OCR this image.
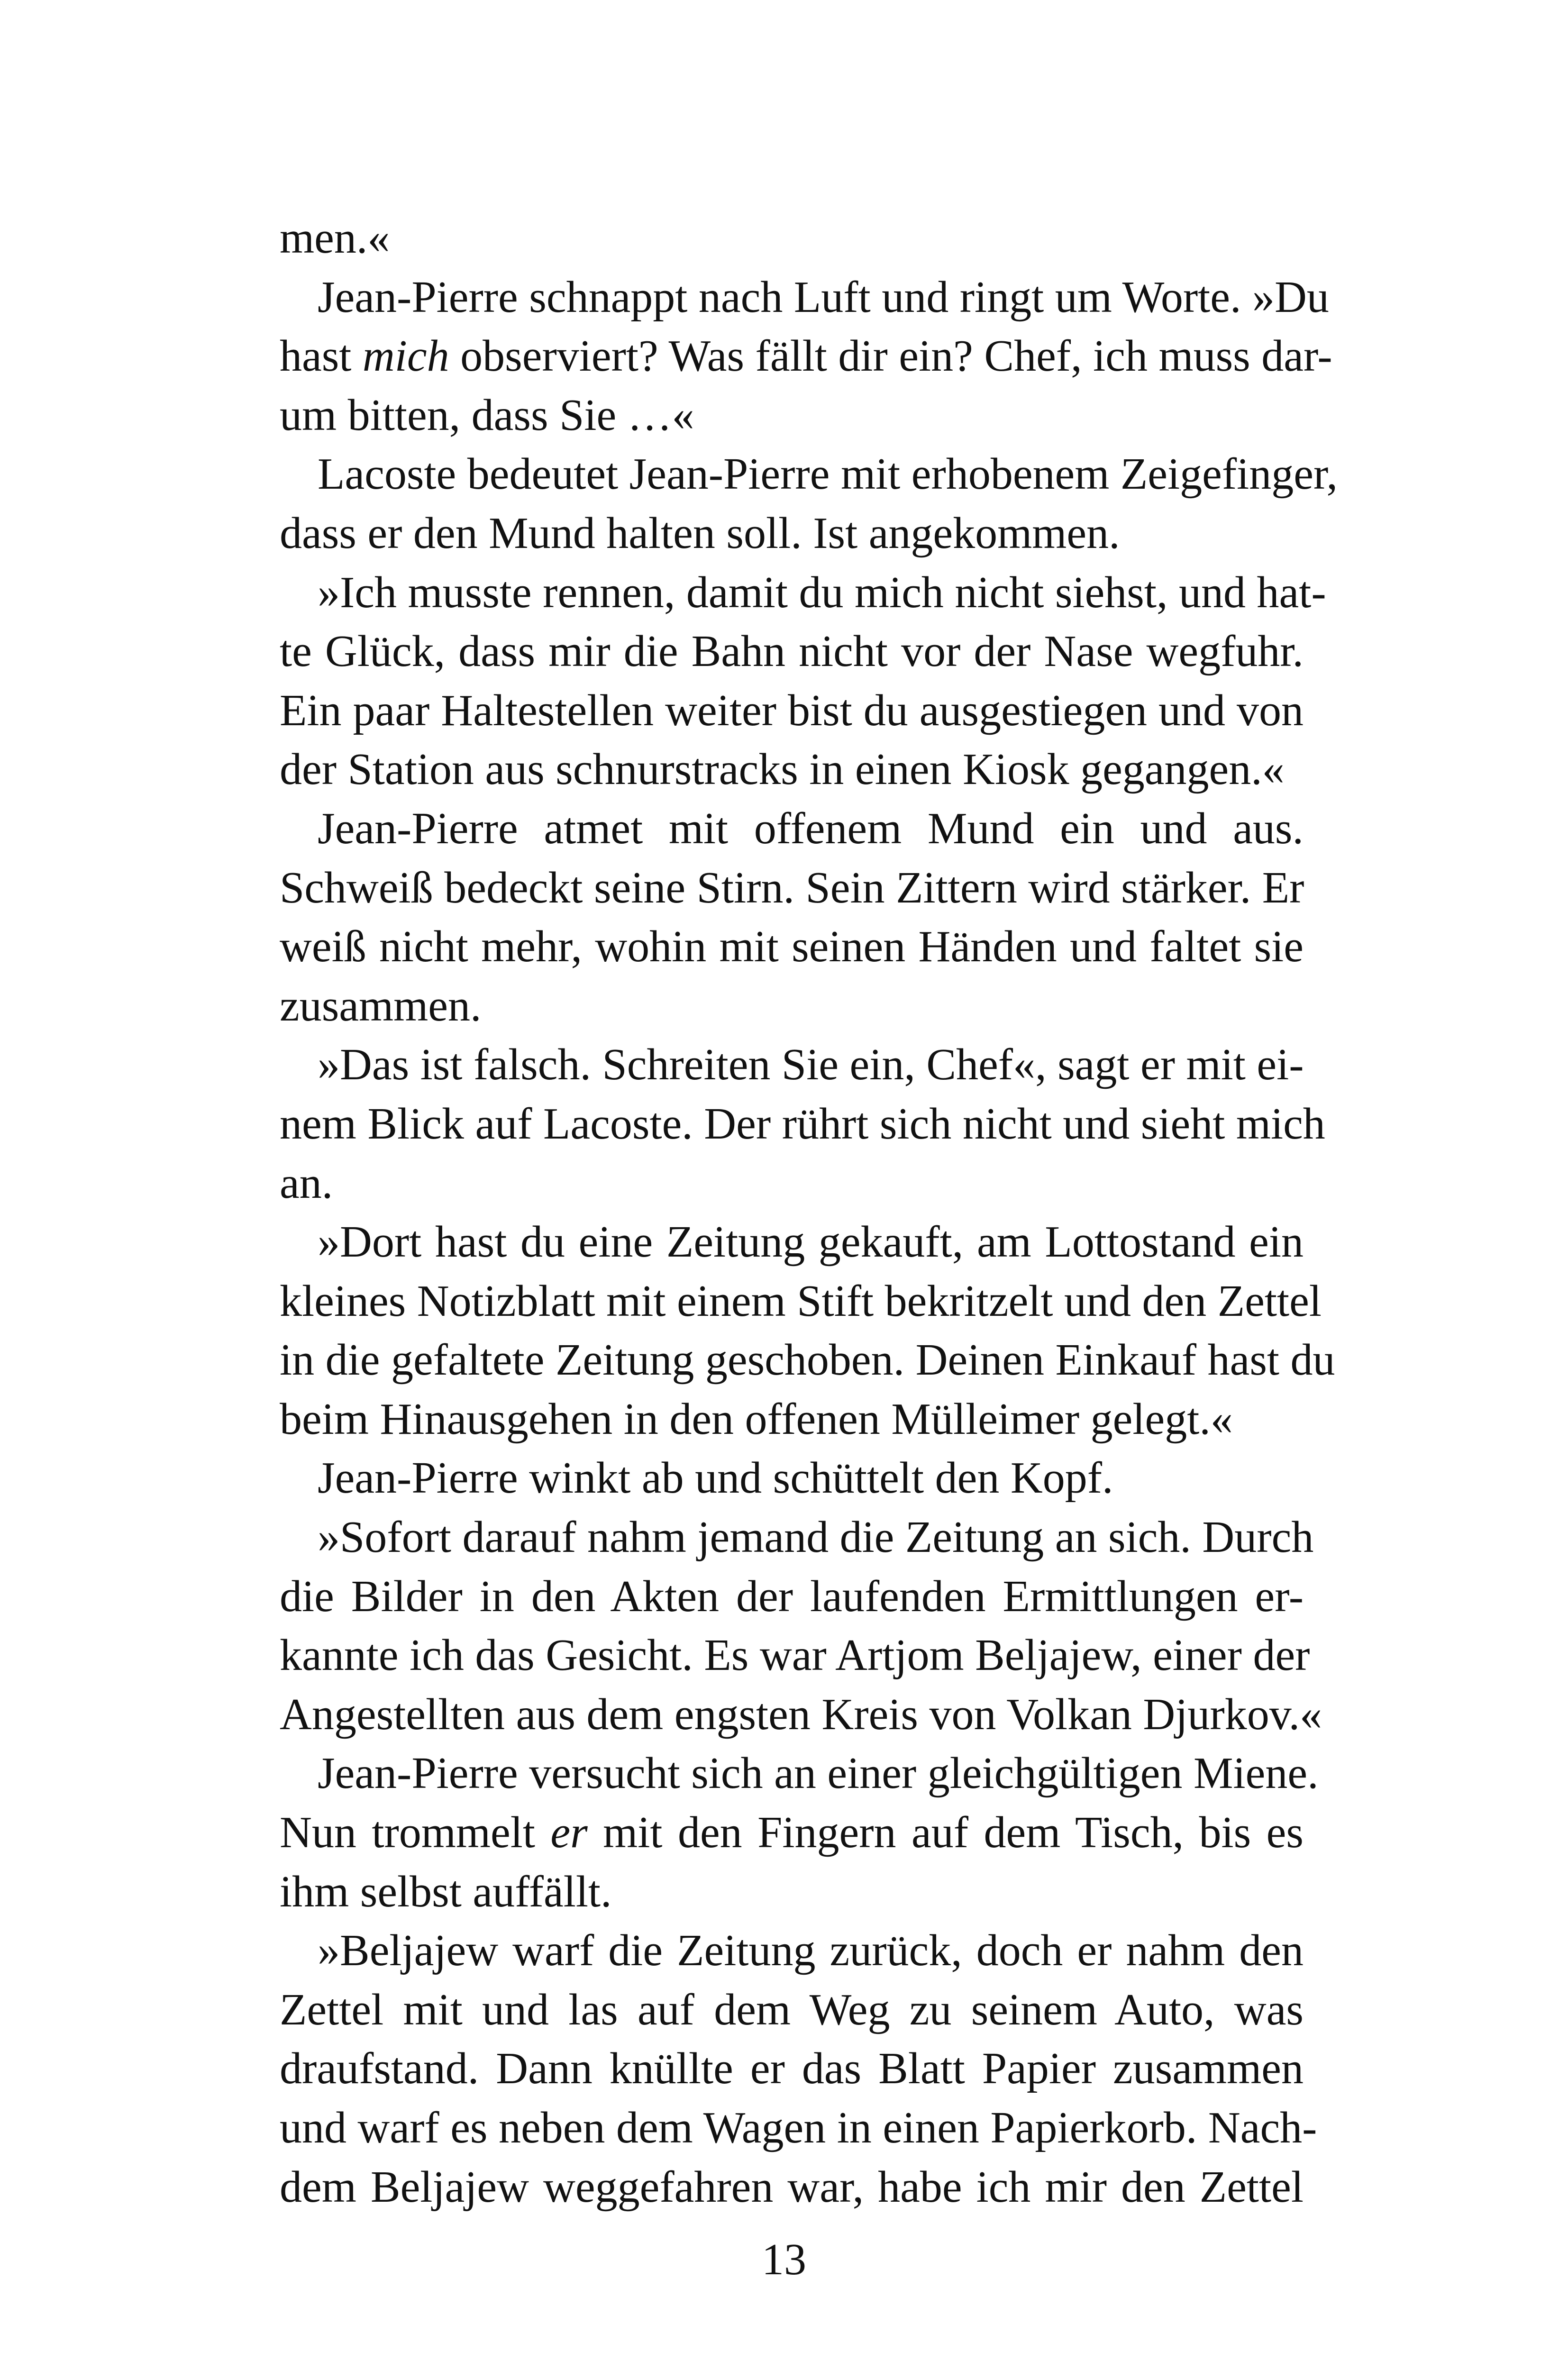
men.«
Jean-Pierre schnappt nach Luft und ringt um Worte. »Du
hast mich observiert? Was fällt dir ein? Chef, ich muss dar-
um bitten, dass Sie …«
Lacoste bedeutet Jean-Pierre mit erhobenem Zeigefinger,
dass er den Mund halten soll. Ist angekommen.
»Ich musste rennen, damit du mich nicht siehst, und hat-
te Glück, dass mir die Bahn nicht vor der Nase wegfuhr.
Ein paar Haltestellen weiter bist du ausgestiegen und von
der Station aus schnurstracks in einen Kiosk gegangen.«
Jean-Pierre atmet mit offenem Mund ein und aus.
Schweiß bedeckt seine Stirn. Sein Zittern wird stärker. Er
weiß nicht mehr, wohin mit seinen Händen und faltet sie
zusammen.
»Das ist falsch. Schreiten Sie ein, Chef«, sagt er mit ei-
nem Blick auf Lacoste. Der rührt sich nicht und sieht mich
an.
»Dort hast du eine Zeitung gekauft, am Lottostand ein
kleines Notizblatt mit einem Stift bekritzelt und den Zettel
in die gefaltete Zeitung geschoben. Deinen Einkauf hast du
beim Hinausgehen in den offenen Mülleimer gelegt.«
Jean-Pierre winkt ab und schüttelt den Kopf.
»Sofort darauf nahm jemand die Zeitung an sich. Durch
die Bilder in den Akten der laufenden Ermittlungen er-
kannte ich das Gesicht. Es war Artjom Beljajew, einer der
Angestellten aus dem engsten Kreis von Volkan Djurkov.«
Jean-Pierre versucht sich an einer gleichgültigen Miene.
Nun trommelt er mit den Fingern auf dem Tisch, bis es
ihm selbst auffällt.
»Beljajew warf die Zeitung zurück, doch er nahm den
Zettel mit und las auf dem Weg zu seinem Auto, was
draufstand. Dann knüllte er das Blatt Papier zusammen
und warf es neben dem Wagen in einen Papierkorb. Nach-
dem Beljajew weggefahren war, habe ich mir den Zettel
13
